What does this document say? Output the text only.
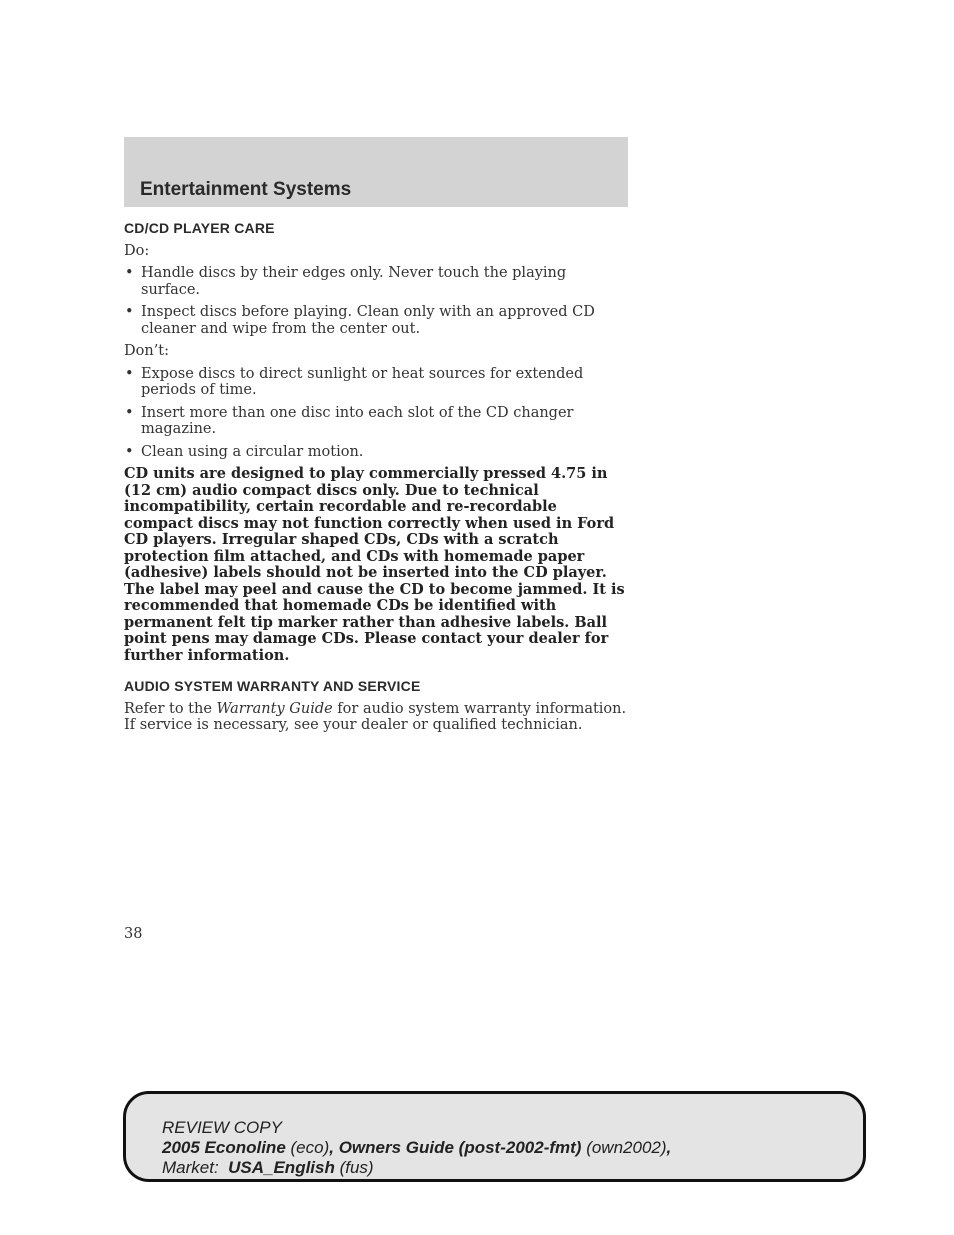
Entertainment Systems
CD/CD PLAYER CARE

Do:

• Handle discs by their edges only. Never touch the playing surface.
• Inspect discs before playing. Clean only with an approved CD cleaner and wipe from the center out.

Don’t:

• Expose discs to direct sunlight or heat sources for extended periods of time.
• Insert more than one disc into each slot of the CD changer magazine.
• Clean using a circular motion.

CD units are designed to play commercially pressed 4.75 in (12 cm) audio compact discs only. Due to technical incompatibility, certain recordable and re-recordable compact discs may not function correctly when used in Ford CD players. Irregular shaped CDs, CDs with a scratch protection film attached, and CDs with homemade paper (adhesive) labels should not be inserted into the CD player. The label may peel and cause the CD to become jammed. It is recommended that homemade CDs be identified with permanent felt tip marker rather than adhesive labels. Ball point pens may damage CDs. Please contact your dealer for further information.

AUDIO SYSTEM WARRANTY AND SERVICE

Refer to the Warranty Guide for audio system warranty information. If service is necessary, see your dealer or qualified technician.

38
REVIEW COPY
2005 Econoline (eco), Owners Guide (post-2002-fmt) (own2002),
Market:  USA_English (fus)
